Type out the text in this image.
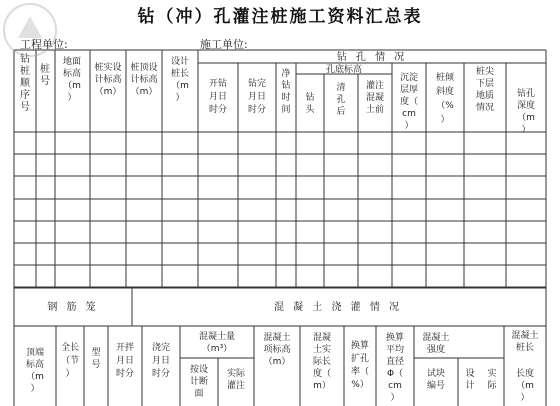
钻（冲）孔灌注桩施工资料汇总表
工程单位:	施工单位:
钻 孔 情 况
孔底标高
钻桩顺序号
桩号
地面标高（m ）
桩实设计标高（m）
桩顶设计标高（m）
设计桩长（m ）
开钻月日时分
钻完月日时分
净钻时间
钻头
清孔后
灌注混凝土前
沉淀层厚度（ cm ）
桩倾斜度（%）
桩尖下层地质情况
钻孔深度（m ）
钢 筋 笼	混 凝 土 浇 灌 情 况
顶端标高（m ）
全长（节）
型号
开拌月日时分
浇完月日时分
混凝土量（m³）
按设计断面
实际灌注
混凝土项标高（m）
混凝土实际长度（ m）
换算扩孔率（%）
换算平均直径 Φ（ cm ）
混凝土强度
试块编号
设计
实际
混凝土桩长
长度（m ）
